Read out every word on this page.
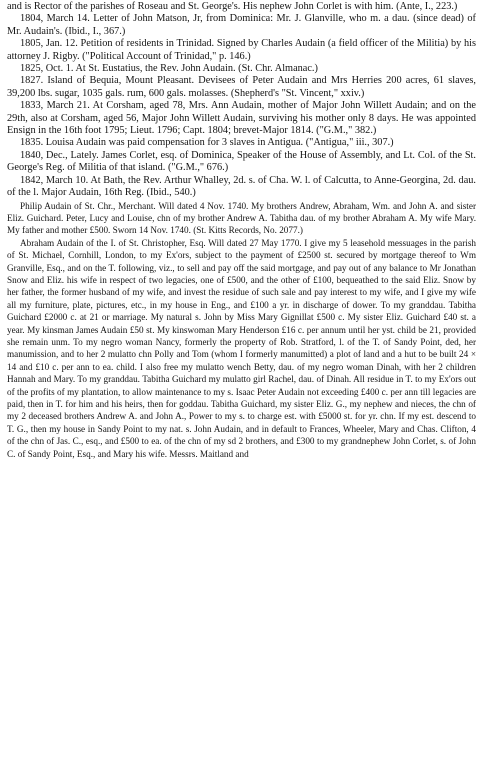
and is Rector of the parishes of Roseau and St. George's. His nephew John Corlet is with him. (Ante, I., 223.)

1804, March 14. Letter of John Matson, Jr, from Dominica: Mr. J. Glanville, who m. a dau. (since dead) of Mr. Audain's. (Ibid., I., 367.)

1805, Jan. 12. Petition of residents in Trinidad. Signed by Charles Audain (a field officer of the Militia) by his attorney J. Rigby. ("Political Account of Trinidad," p. 146.)

1825, Oct. 1. At St. Eustatius, the Rev. John Audain. (St. Chr. Almanac.)

1827. Island of Bequia, Mount Pleasant. Devisees of Peter Audain and Mrs Herries 200 acres, 61 slaves, 39,200 lbs. sugar, 1035 gals. rum, 600 gals. molasses. (Shepherd's "St. Vincent," xxiv.)

1833, March 21. At Corsham, aged 78, Mrs. Ann Audain, mother of Major John Willett Audain; and on the 29th, also at Corsham, aged 56, Major John Willett Audain, surviving his mother only 8 days. He was appointed Ensign in the 16th foot 1795; Lieut. 1796; Capt. 1804; brevet-Major 1814. ("G.M.," 382.)

1835. Louisa Audain was paid compensation for 3 slaves in Antigua. ("Antigua," iii., 307.)

1840, Dec., Lately. James Corlet, esq. of Dominica, Speaker of the House of Assembly, and Lt. Col. of the St. George's Reg. of Militia of that island. ("G.M.," 676.)

1842, March 10. At Bath, the Rev. Arthur Whalley, 2d. s. of Cha. W. l. of Calcutta, to Anne-Georgina, 2d. dau. of the l. Major Audain, 16th Reg. (Ibid., 540.)

Philip Audain of St. Chr., Merchant. Will dated 4 Nov. 1740. My brothers Andrew, Abraham, Wm. and John A. and sister Eliz. Guichard. Peter, Lucy and Louise, chn of my brother Andrew A. Tabitha dau. of my brother Abraham A. My wife Mary. My father and mother £500. Sworn 14 Nov. 1740. (St. Kitts Records, No. 2077.)

Abraham Audain of the I. of St. Christopher, Esq. Will dated 27 May 1770. I give my 5 leasehold messuages in the parish of St. Michael, Cornhill, London, to my Ex'ors, subject to the payment of £2500 st. secured by mortgage thereof to Wm Granville, Esq., and on the T. following, viz., to sell and pay off the said mortgage, and pay out of any balance to Mr Jonathan Snow and Eliz. his wife in respect of two legacies, one of £500, and the other of £100, bequeathed to the said Eliz. Snow by her father, the former husband of my wife, and invest the residue of such sale and pay interest to my wife, and I give my wife all my furniture, plate, pictures, etc., in my house in Eng., and £100 a yr. in discharge of dower. To my granddau. Tabitha Guichard £2000 c. at 21 or marriage. My natural s. John by Miss Mary Gignillat £500 c. My sister Eliz. Guichard £40 st. a year. My kinsman James Audain £50 st. My kinswoman Mary Henderson £16 c. per annum until her yst. child be 21, provided she remain unm. To my negro woman Nancy, formerly the property of Rob. Stratford, l. of the T. of Sandy Point, ded, her manumission, and to her 2 mulatto chn Polly and Tom (whom I formerly manumitted) a plot of land and a hut to be built 24 × 14 and £10 c. per ann to ea. child. I also free my mulatto wench Betty, dau. of my negro woman Dinah, with her 2 children Hannah and Mary. To my granddau. Tabitha Guichard my mulatto girl Rachel, dau. of Dinah. All residue in T. to my Ex'ors out of the profits of my plantation, to allow maintenance to my s. Isaac Peter Audain not exceeding £400 c. per ann till legacies are paid, then in T. for him and his heirs, then for goddau. Tabitha Guichard, my sister Eliz. G., my nephew and nieces, the chn of my 2 deceased brothers Andrew A. and John A., Power to my s. to charge est. with £5000 st. for yr. chn. If my est. descend to T. G., then my house in Sandy Point to my nat. s. John Audain, and in default to Frances, Wheeler, Mary and Chas. Clifton, 4 of the chn of Jas. C., esq., and £500 to ea. of the chn of my sd 2 brothers, and £300 to my grandnephew John Corlet, s. of John C. of Sandy Point, Esq., and Mary his wife. Messrs. Maitland and
